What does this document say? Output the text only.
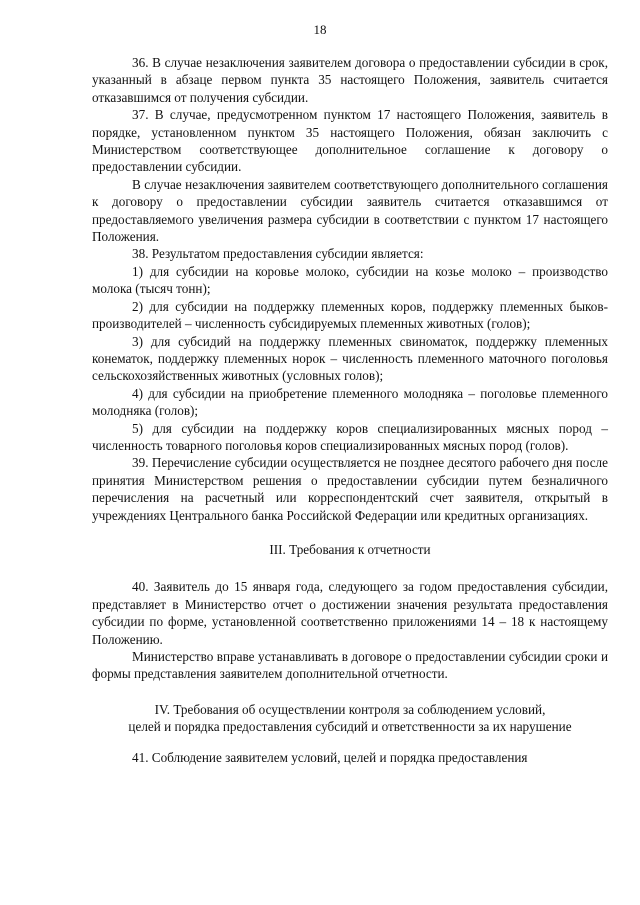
18

36. В случае незаключения заявителем договора о предоставлении субсидии в срок, указанный в абзаце первом пункта 35 настоящего Положения, заявитель считается отказавшимся от получения субсидии.

37. В случае, предусмотренном пунктом 17 настоящего Положения, заявитель в порядке, установленном пунктом 35 настоящего Положения, обязан заключить с Министерством соответствующее дополнительное соглашение к договору о предоставлении субсидии.

В случае незаключения заявителем соответствующего дополнительного соглашения к договору о предоставлении субсидии заявитель считается отказавшимся от предоставляемого увеличения размера субсидии в соответствии с пунктом 17 настоящего Положения.

38. Результатом предоставления субсидии является:

1) для субсидии на коровье молоко, субсидии на козье молоко – производство молока (тысяч тонн);

2) для субсидии на поддержку племенных коров, поддержку племенных быков-производителей – численность субсидируемых племенных животных (голов);

3) для субсидий на поддержку племенных свиноматок, поддержку племенных конематок, поддержку племенных норок – численность племенного маточного поголовья сельскохозяйственных животных (условных голов);

4) для субсидии на приобретение племенного молодняка – поголовье племенного молодняка (голов);

5) для субсидии на поддержку коров специализированных мясных пород – численность товарного поголовья коров специализированных мясных пород (голов).

39. Перечисление субсидии осуществляется не позднее десятого рабочего дня после принятия Министерством решения о предоставлении субсидии путем безналичного перечисления на расчетный или корреспондентский счет заявителя, открытый в учреждениях Центрального банка Российской Федерации или кредитных организациях.

III. Требования к отчетности

40. Заявитель до 15 января года, следующего за годом предоставления субсидии, представляет в Министерство отчет о достижении значения результата предоставления субсидии по форме, установленной соответственно приложениями 14 – 18 к настоящему Положению.

Министерство вправе устанавливать в договоре о предоставлении субсидии сроки и формы представления заявителем дополнительной отчетности.

IV. Требования об осуществлении контроля за соблюдением условий,
целей и порядка предоставления субсидий и ответственности за их нарушение

41. Соблюдение заявителем условий, целей и порядка предоставления
